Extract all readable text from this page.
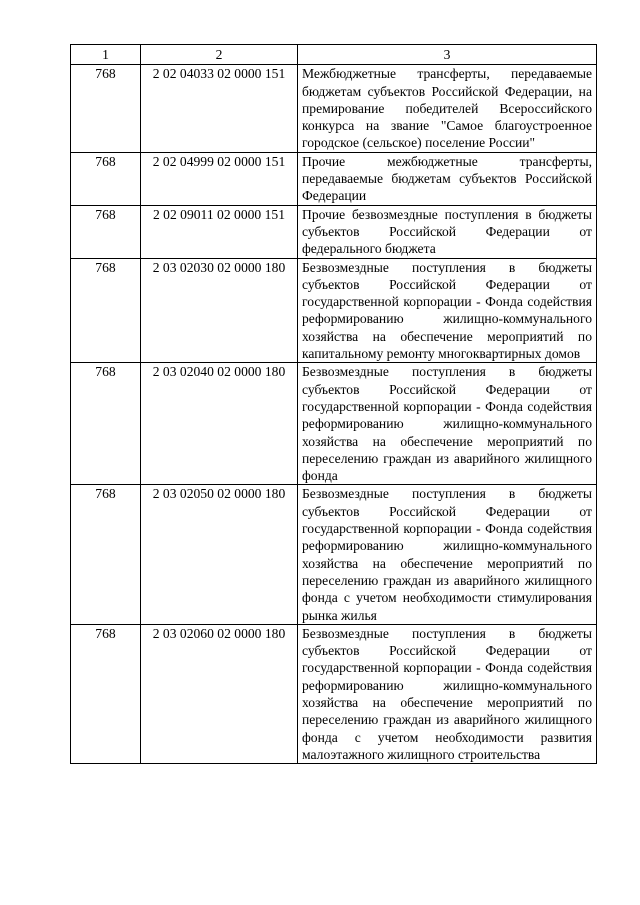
1	2	3
768	2 02 04033 02 0000 151	Межбюджетные трансферты, передаваемые бюджетам субъектов Российской Федерации, на премирование победителей Всероссийского конкурса на звание "Самое благоустроенное городское (сельское) поселение России"
768	2 02 04999 02 0000 151	Прочие межбюджетные трансферты, передаваемые бюджетам субъектов Российской Федерации
768	2 02 09011 02 0000 151	Прочие безвозмездные поступления в бюджеты субъектов Российской Федерации от федерального бюджета
768	2 03 02030 02 0000 180	Безвозмездные поступления в бюджеты субъектов Российской Федерации от государственной корпорации - Фонда содействия реформированию жилищно-коммунального хозяйства на обеспечение мероприятий по капитальному ремонту многоквартирных домов
768	2 03 02040 02 0000 180	Безвозмездные поступления в бюджеты субъектов Российской Федерации от государственной корпорации - Фонда содействия реформированию жилищно-коммунального хозяйства на обеспечение мероприятий по переселению граждан из аварийного жилищного фонда
768	2 03 02050 02 0000 180	Безвозмездные поступления в бюджеты субъектов Российской Федерации от государственной корпорации - Фонда содействия реформированию жилищно-коммунального хозяйства на обеспечение мероприятий по переселению граждан из аварийного жилищного фонда с учетом необходимости стимулирования рынка жилья
768	2 03 02060 02 0000 180	Безвозмездные поступления в бюджеты субъектов Российской Федерации от государственной корпорации - Фонда содействия реформированию жилищно-коммунального хозяйства на обеспечение мероприятий по переселению граждан из аварийного жилищного фонда с учетом необходимости развития малоэтажного жилищного строительства
